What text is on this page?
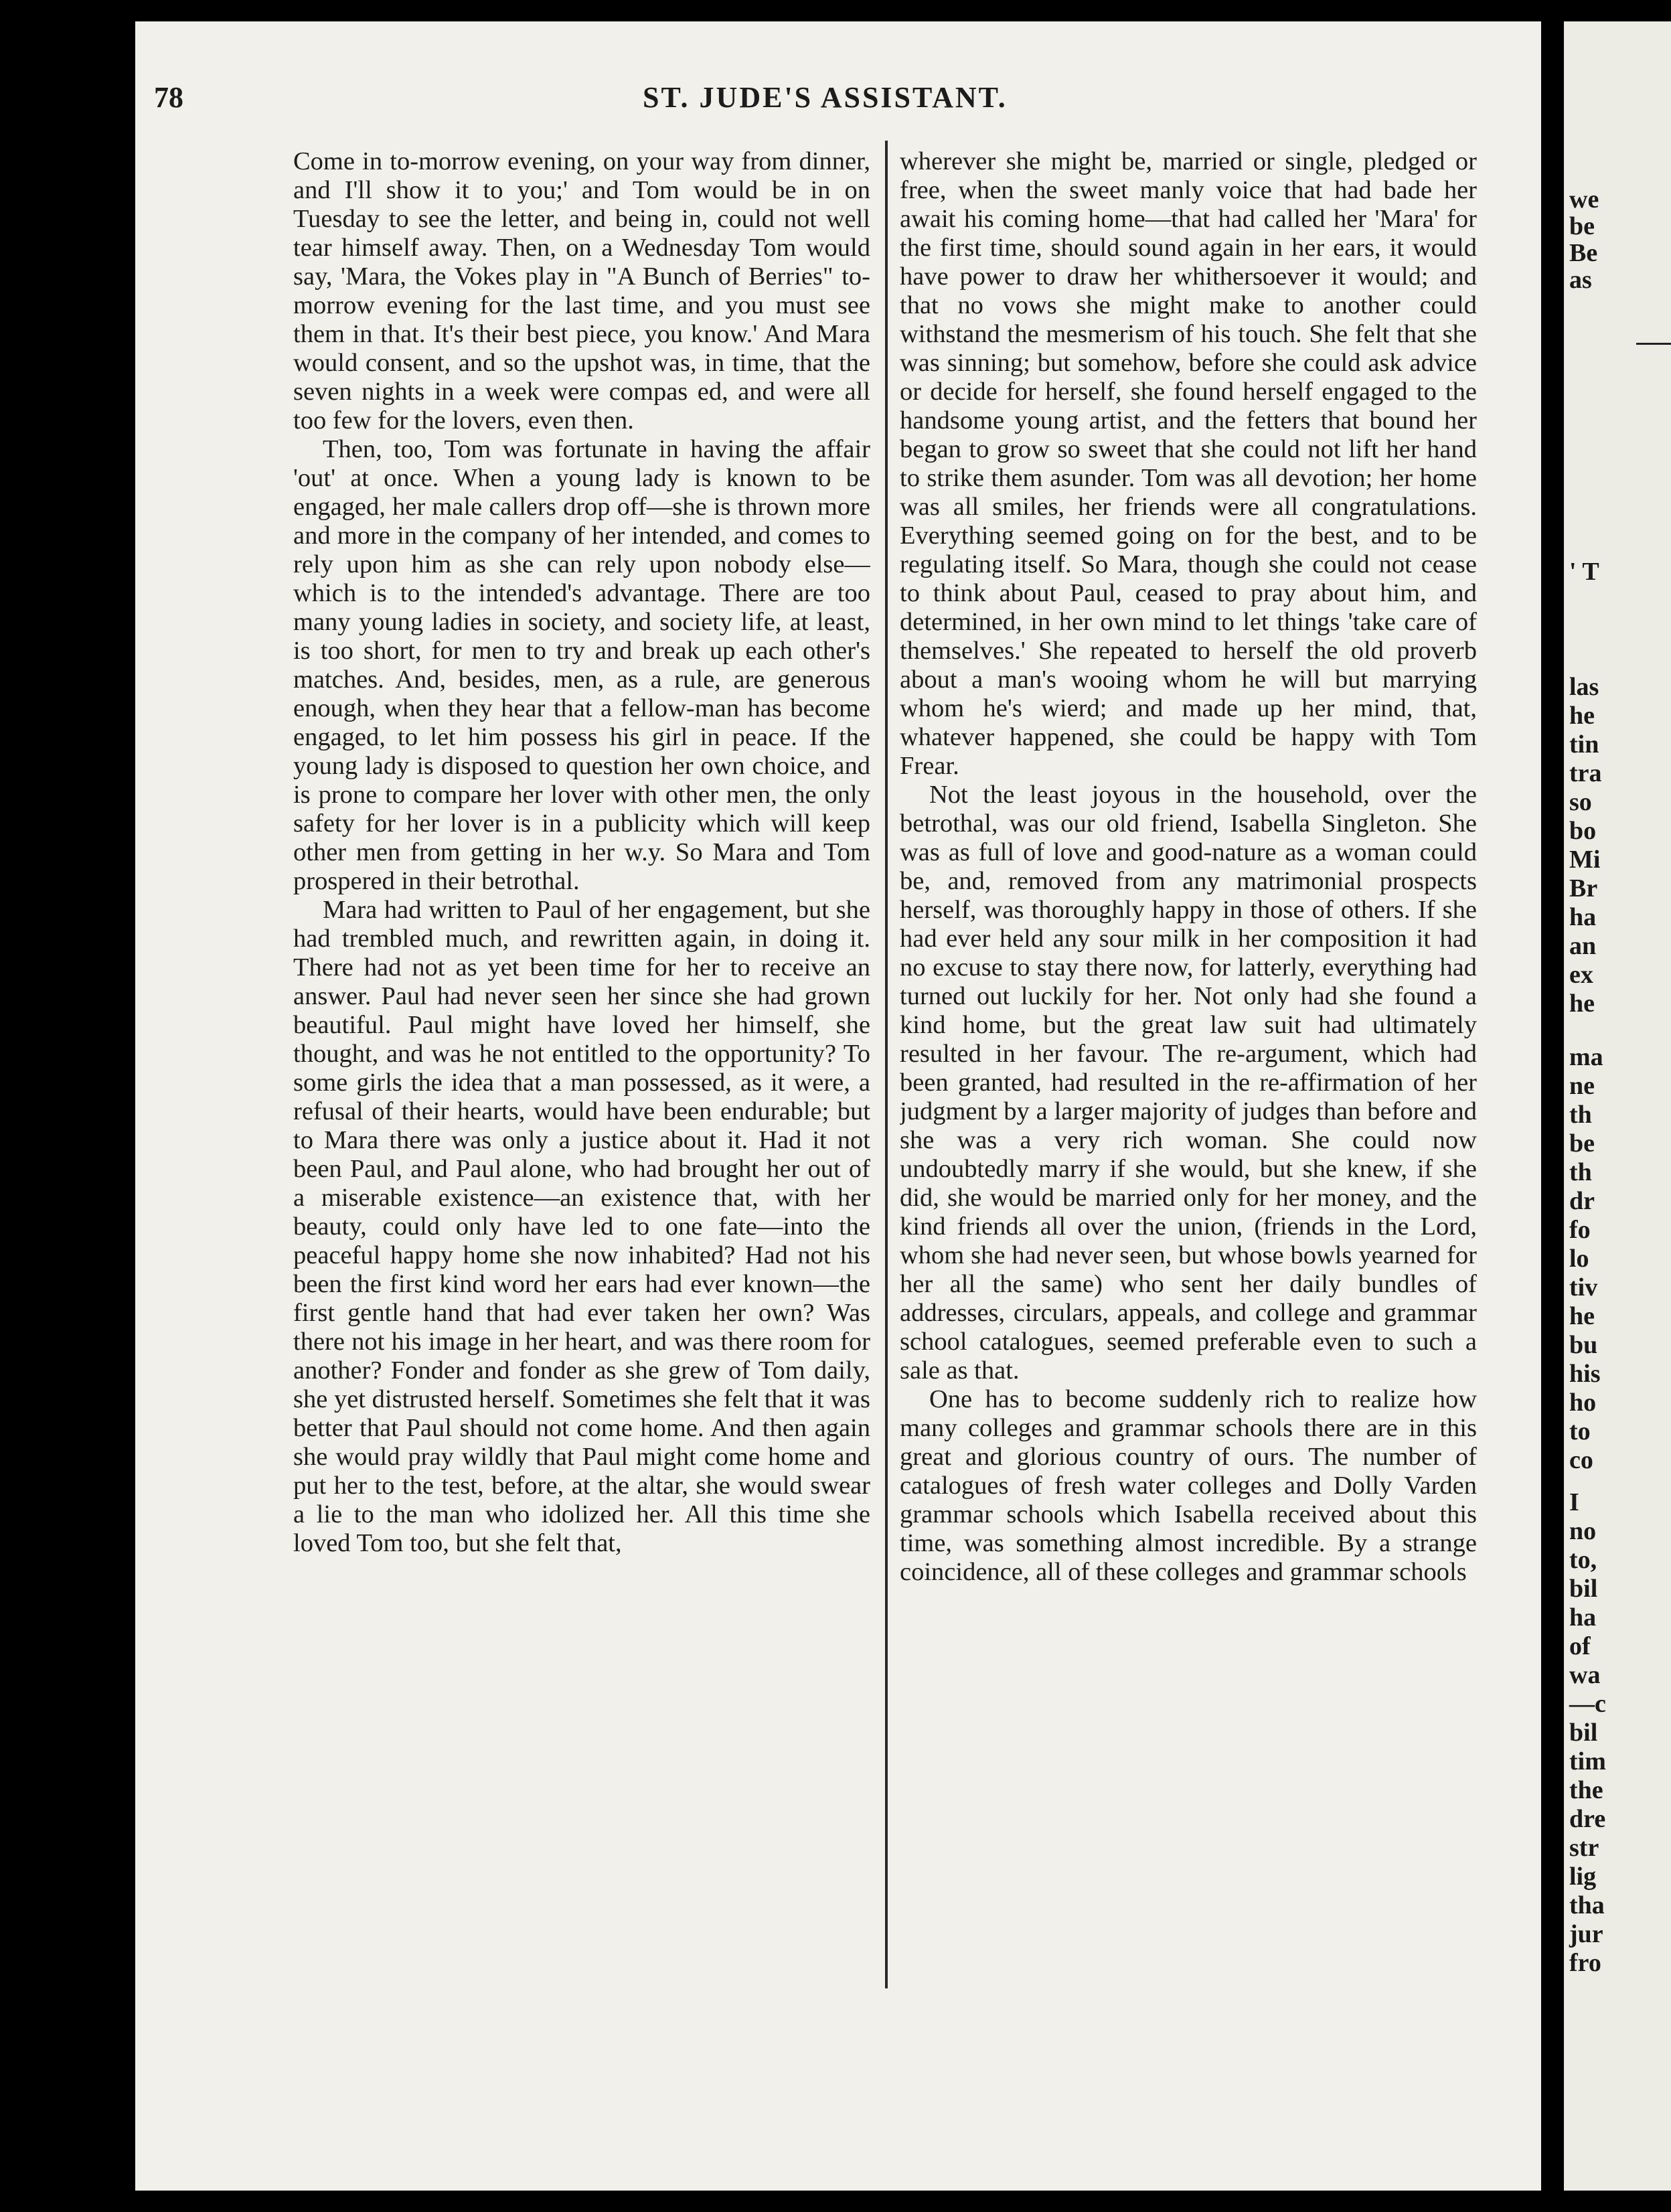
we
be
Be
as
' T
las
he
tin
tra
so
bo
Mi
Br
ha
an
ex
he
ma
ne
th
be
th
dr
fo
lo
tiv
he
bu
his
ho
to
co
I
no
to,
bil
ha
of
wa
—c
bil
tim
the
dre
str
lig
tha
jur
fro
78	ST. JUDE'S ASSISTANT.

Come in to-morrow evening, on your way from dinner, and I'll show it to you;' and Tom would be in on Tuesday to see the letter, and being in, could not well tear himself away. Then, on a Wednesday Tom would say, 'Mara, the Vokes play in "A Bunch of Berries" to-morrow evening for the last time, and you must see them in that. It's their best piece, you know.' And Mara would consent, and so the upshot was, in time, that the seven nights in a week were compas ed, and were all too few for the lovers, even then.

Then, too, Tom was fortunate in having the affair 'out' at once. When a young lady is known to be engaged, her male callers drop off—she is thrown more and more in the company of her intended, and comes to rely upon him as she can rely upon nobody else—which is to the intended's advantage. There are too many young ladies in society, and society life, at least, is too short, for men to try and break up each other's matches. And, besides, men, as a rule, are generous enough, when they hear that a fellow-man has become engaged, to let him possess his girl in peace. If the young lady is disposed to question her own choice, and is prone to compare her lover with other men, the only safety for her lover is in a publicity which will keep other men from getting in her w.y. So Mara and Tom prospered in their betrothal.

Mara had written to Paul of her engagement, but she had trembled much, and rewritten again, in doing it. There had not as yet been time for her to receive an answer. Paul had never seen her since she had grown beautiful. Paul might have loved her himself, she thought, and was he not entitled to the opportunity? To some girls the idea that a man possessed, as it were, a refusal of their hearts, would have been endurable; but to Mara there was only a justice about it. Had it not been Paul, and Paul alone, who had brought her out of a miserable existence—an existence that, with her beauty, could only have led to one fate—into the peaceful happy home she now inhabited? Had not his been the first kind word her ears had ever known—the first gentle hand that had ever taken her own? Was there not his image in her heart, and was there room for another? Fonder and fonder as she grew of Tom daily, she yet distrusted herself. Sometimes she felt that it was better that Paul should not come home. And then again she would pray wildly that Paul might come home and put her to the test, before, at the altar, she would swear a lie to the man who idolized her. All this time she loved Tom too, but she felt that,

wherever she might be, married or single, pledged or free, when the sweet manly voice that had bade her await his coming home—that had called her 'Mara' for the first time, should sound again in her ears, it would have power to draw her whithersoever it would; and that no vows she might make to another could withstand the mesmerism of his touch. She felt that she was sinning; but somehow, before she could ask advice or decide for herself, she found herself engaged to the handsome young artist, and the fetters that bound her began to grow so sweet that she could not lift her hand to strike them asunder. Tom was all devotion; her home was all smiles, her friends were all congratulations. Everything seemed going on for the best, and to be regulating itself. So Mara, though she could not cease to think about Paul, ceased to pray about him, and determined, in her own mind to let things 'take care of themselves.' She repeated to herself the old proverb about a man's wooing whom he will but marrying whom he's wierd; and made up her mind, that, whatever happened, she could be happy with Tom Frear.

Not the least joyous in the household, over the betrothal, was our old friend, Isabella Singleton. She was as full of love and good-nature as a woman could be, and, removed from any matrimonial prospects herself, was thoroughly happy in those of others. If she had ever held any sour milk in her composition it had no excuse to stay there now, for latterly, everything had turned out luckily for her. Not only had she found a kind home, but the great law suit had ultimately resulted in her favour. The re-argument, which had been granted, had resulted in the re-affirmation of her judgment by a larger majority of judges than before and she was a very rich woman. She could now undoubtedly marry if she would, but she knew, if she did, she would be married only for her money, and the kind friends all over the union, (friends in the Lord, whom she had never seen, but whose bowls yearned for her all the same) who sent her daily bundles of addresses, circulars, appeals, and college and grammar school catalogues, seemed preferable even to such a sale as that.

One has to become suddenly rich to realize how many colleges and grammar schools there are in this great and glorious country of ours. The number of catalogues of fresh water colleges and Dolly Varden grammar schools which Isabella received about this time, was something almost incredible. By a strange coincidence, all of these colleges and grammar schools
